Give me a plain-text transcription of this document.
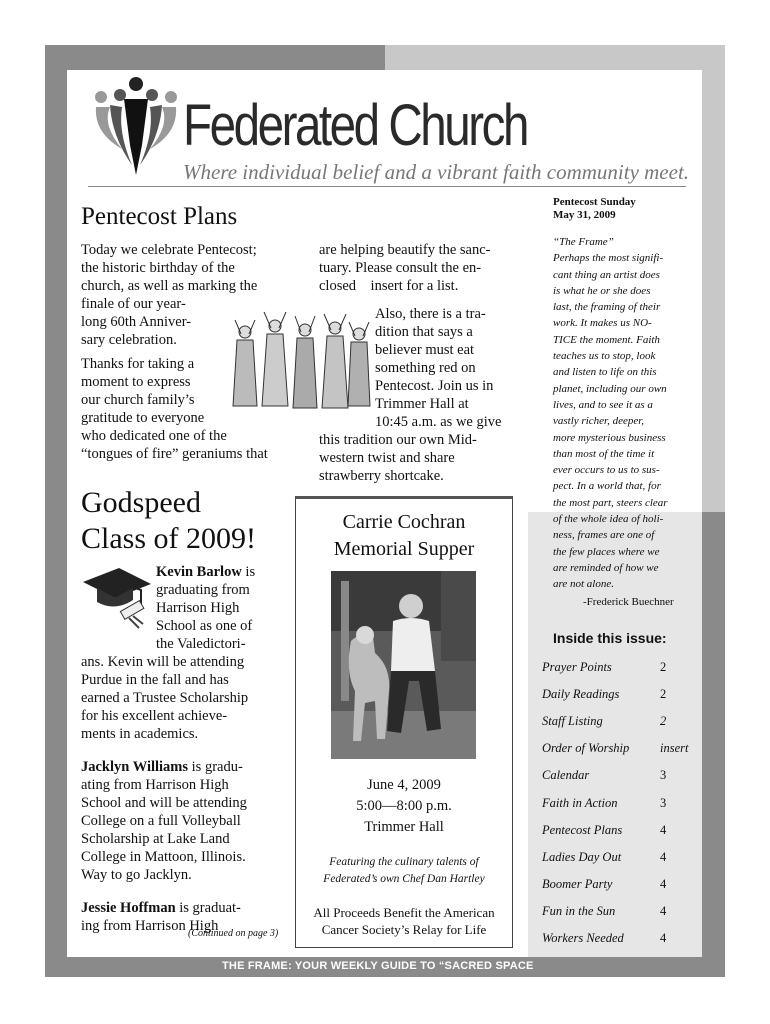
Federated Church
Where individual belief and a vibrant faith community meet.
Pentecost Plans
Today we celebrate Pentecost;
the historic birthday of the
church, as well as marking the
finale of our year-
long 60th Anniver-
sary celebration.
Thanks for taking a
moment to express
our church family’s
gratitude to everyone
who dedicated one of the
“tongues of fire” geraniums that
are helping beautify the sanc-
tuary. Please consult the en-
closed    insert for a list.
Also, there is a tra-
dition that says a
believer must eat
something red on
Pentecost. Join us in
Trimmer Hall at
10:45 a.m. as we give
this tradition our own Mid-
western twist and share
strawberry shortcake.
Godspeed
Class of 2009!
Kevin Barlow is
graduating from
Harrison High
School as one of
the Valedictori-
ans. Kevin will be attending
Purdue in the fall and has
earned a Trustee Scholarship
for his excellent achieve-
ments in academics.
Jacklyn Williams is gradu-
ating from Harrison High
School and will be attending
College on a full Volleyball
Scholarship at Lake Land
College in Mattoon, Illinois.
Way to go Jacklyn.
Jessie Hoffman is graduat-
ing from Harrison High
(Continued on page 3)
Carrie Cochran
Memorial Supper
June 4, 2009
5:00—8:00 p.m.
Trimmer Hall
Featuring the culinary talents of
Federated’s own Chef Dan Hartley
All Proceeds Benefit the American
Cancer Society’s Relay for Life
Pentecost Sunday
May 31, 2009
“The Frame”
Perhaps the most signifi-
cant thing an artist does
is what he or she does
last, the framing of their
work. It makes us NO-
TICE the moment. Faith
teaches us to stop, look
and listen to life on this
planet, including our own
lives, and to see it as a
vastly richer, deeper,
more mysterious business
than most of the time it
ever occurs to us to sus-
pect. In a world that, for
the most part, steers clear
of the whole idea of holi-
ness, frames are one of
the few places where we
are reminded of how we
are not alone.
-Frederick Buechner
Inside this issue:
Prayer Points	2
Daily Readings	2
Staff Listing	2
Order of Worship	insert
Calendar	3
Faith in Action	3
Pentecost Plans	4
Ladies Day Out	4
Boomer Party	4
Fun in the Sun	4
Workers Needed	4
THE FRAME: YOUR WEEKLY GUIDE TO “SACRED SPACE
